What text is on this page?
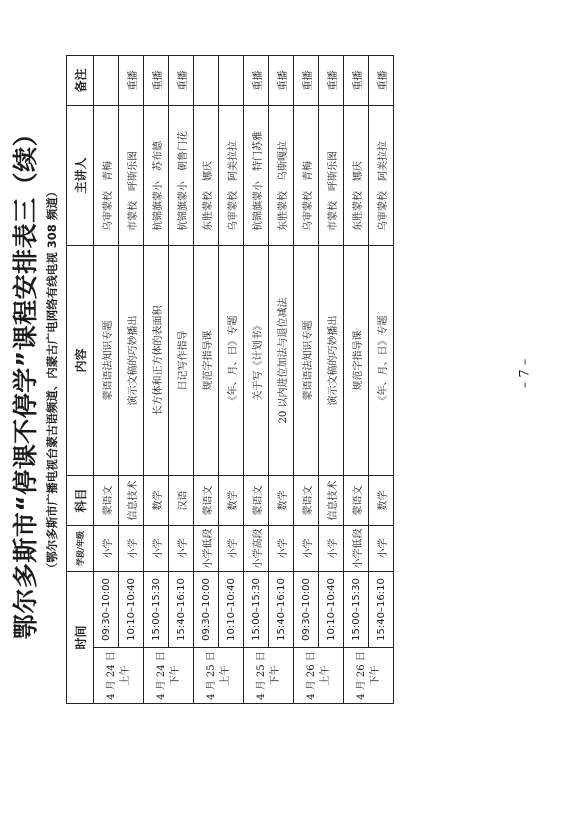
鄂尔多斯市“停课不停学”课程安排表三（续） （鄂尔多斯市广播电视台蒙古语频道、内蒙古广电网络有线电视 308 频道）
时间		学段/年级	科目	内容	主讲人	备注
4 月 24 日上午	09:30–10:00	小学	蒙语文	蒙语语法知识专题	乌审蒙校　青梅	
	10:10–10:40	小学	信息技术	演示文稿的巧妙播出	市蒙校　呼斯乐图	重播
4 月 24 日下午	15:00–15:30	小学	数学	长方体和正方体的表面积	杭锦旗蒙小　苏布德	重播
	15:40–16:10	小学	汉语	日记写作指导	杭锦旗蒙小　朝鲁门花	重播
4 月 25 日上午	09:30–10:00	小学低段	蒙语文	规范字指导课	东胜蒙校　娜庆	
	10:10–10:40	小学	数学	《年、月、日》专题	乌审蒙校　阿美拉拉	
4 月 25 日下午	15:00–15:30	小学高段	蒙语文	关于写《计划书》	杭锦旗蒙小　特门苏雅	重播
	15:40–16:10	小学	数学	20 以内进位加法与退位减法	东胜蒙校　乌斯嘎拉	重播
4 月 26 日上午	09:30–10:00	小学	蒙语文	蒙语语法知识专题	乌审蒙校　青梅	重播
	10:10–10:40	小学	信息技术	演示文稿的巧妙播出	市蒙校　呼斯乐图	重播
4 月 26 日下午	15:00–15:30	小学低段	蒙语文	规范字指导课	东胜蒙校　娜庆	重播
	15:40–16:10	小学	数学	《年、月、日》专题	乌审蒙校　阿美拉拉	重播
– 7 –
